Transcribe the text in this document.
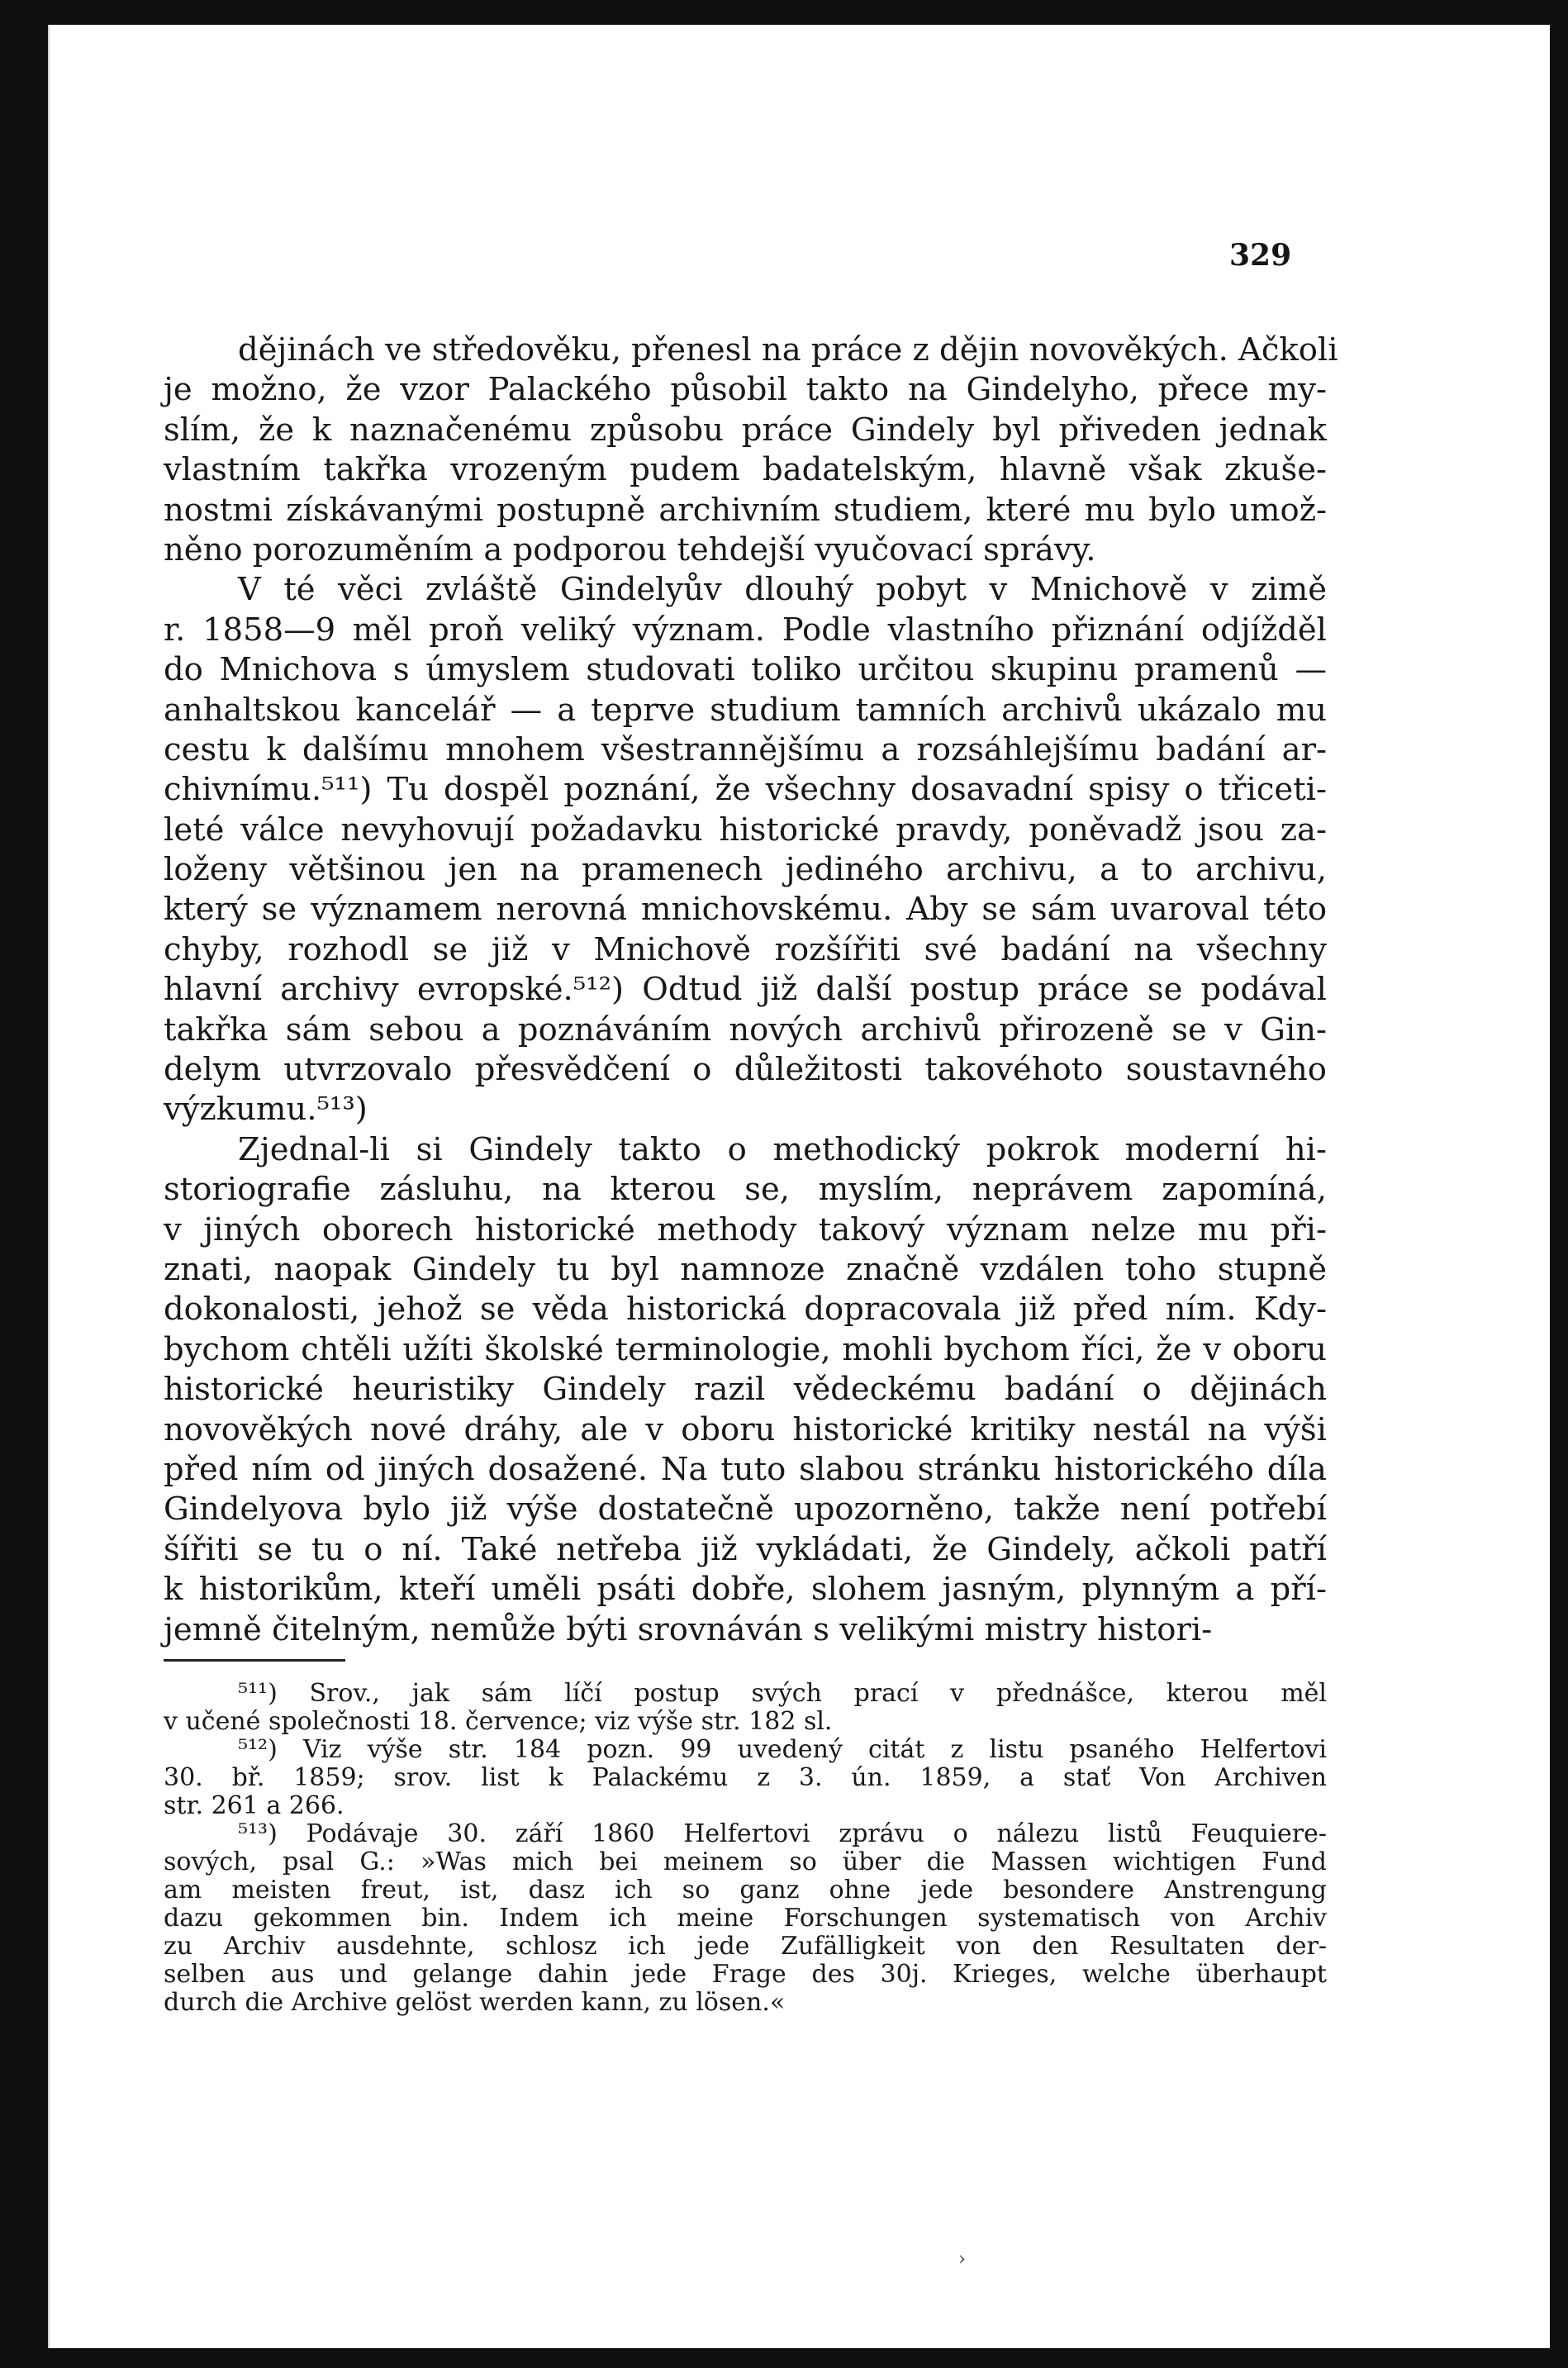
329
dějinách ve středověku, přenesl na práce z dějin novověkých. Ačkoli
je možno, že vzor Palackého působil takto na Gindelyho, přece my-
slím, že k naznačenému způsobu práce Gindely byl přiveden jednak
vlastním takřka vrozeným pudem badatelským, hlavně však zkuše-
nostmi získávanými postupně archivním studiem, které mu bylo umož-
něno porozuměním a podporou tehdejší vyučovací správy.
V té věci zvláště Gindelyův dlouhý pobyt v Mnichově v zimě
r. 1858—9 měl proň veliký význam. Podle vlastního přiznání odjížděl
do Mnichova s úmyslem studovati toliko určitou skupinu pramenů —
anhaltskou kancelář — a teprve studium tamních archivů ukázalo mu
cestu k dalšímu mnohem všestrannějšímu a rozsáhlejšímu badání ar-
chivnímu.⁵¹¹) Tu dospěl poznání, že všechny dosavadní spisy o třiceti-
leté válce nevyhovují požadavku historické pravdy, poněvadž jsou za-
loženy většinou jen na pramenech jediného archivu, a to archivu,
který se významem nerovná mnichovskému. Aby se sám uvaroval této
chyby, rozhodl se již v Mnichově rozšířiti své badání na všechny
hlavní archivy evropské.⁵¹²) Odtud již další postup práce se podával
takřka sám sebou a poznáváním nových archivů přirozeně se v Gin-
delym utvrzovalo přesvědčení o důležitosti takovéhoto soustavného
výzkumu.⁵¹³)
Zjednal-li si Gindely takto o methodický pokrok moderní hi-
storiografie zásluhu, na kterou se, myslím, neprávem zapomíná,
v jiných oborech historické methody takový význam nelze mu při-
znati, naopak Gindely tu byl namnoze značně vzdálen toho stupně
dokonalosti, jehož se věda historická dopracovala již před ním. Kdy-
bychom chtěli užíti školské terminologie, mohli bychom říci, že v oboru
historické heuristiky Gindely razil vědeckému badání o dějinách
novověkých nové dráhy, ale v oboru historické kritiky nestál na výši
před ním od jiných dosažené. Na tuto slabou stránku historického díla
Gindelyova bylo již výše dostatečně upozorněno, takže není potřebí
šířiti se tu o ní. Také netřeba již vykládati, že Gindely, ačkoli patří
k historikům, kteří uměli psáti dobře, slohem jasným, plynným a pří-
jemně čitelným, nemůže býti srovnáván s velikými mistry histori-
⁵¹¹) Srov., jak sám líčí postup svých prací v přednášce, kterou měl
v učené společnosti 18. července; viz výše str. 182 sl.
⁵¹²) Viz výše str. 184 pozn. 99 uvedený citát z listu psaného Helfertovi
30. bř. 1859; srov. list k Palackému z 3. ún. 1859, a stať Von Archiven
str. 261 a 266.
⁵¹³) Podávaje 30. září 1860 Helfertovi zprávu o nálezu listů Feuquiere-
sových, psal G.: »Was mich bei meinem so über die Massen wichtigen Fund
am meisten freut, ist, dasz ich so ganz ohne jede besondere Anstrengung
dazu gekommen bin. Indem ich meine Forschungen systematisch von Archiv
zu Archiv ausdehnte, schlosz ich jede Zufälligkeit von den Resultaten der-
selben aus und gelange dahin jede Frage des 30j. Krieges, welche überhaupt
durch die Archive gelöst werden kann, zu lösen.«
›
